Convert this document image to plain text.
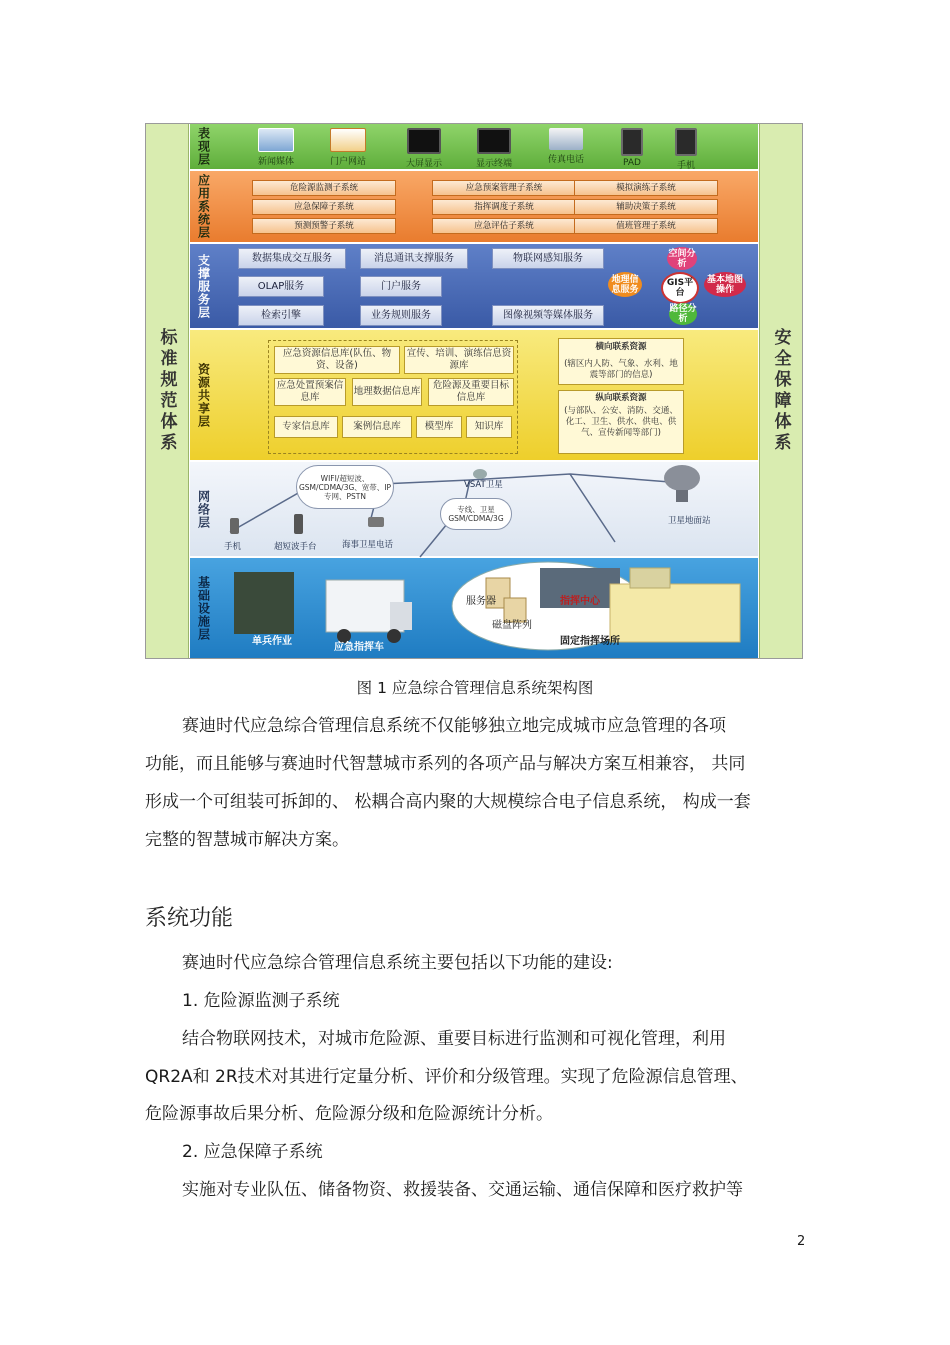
标准规范体系	安全保障体系
表现层	新闻媒体	门户网站	大屏显示	显示终端	传真电话	PAD	手机
应用系统层	危险源监测子系统	应急预案管理子系统	模拟演练子系统
应急保障子系统	指挥调度子系统	辅助决策子系统
预测预警子系统	应急评估子系统	值班管理子系统
支撑服务层	数据集成交互服务	消息通讯支撑服务	物联网感知服务
OLAP服务	门户服务
检索引擎	业务规则服务	图像视频等媒体服务
空间分析
地理信息服务
GIS平台
基本地图操作
路径分析
资源共享层
应急资源信息库(队伍、物资、设备)
宣传、培训、演练信息资源库
应急处置预案信息库
地理数据信息库
危险源及重要目标信息库
专家信息库	案例信息库	模型库	知识库
横向联系资源
(辖区内人防、气象、水利、地震等部门的信息)
纵向联系资源
(与部队、公安、消防、交通、化工、卫生、供水、供电、供气、宣传新闻等部门)
网络层
WIFI/超短波、GSM/CDMA/3G、宽带、IP专网、PSTN
专线、卫星GSM/CDMA/3G
VSAT卫星
卫星地面站
手机	超短波手台	海事卫星电话
基础设施层
单兵作业
应急指挥车
服务器	指挥中心
磁盘阵列
固定指挥场所
图 1 应急综合管理信息系统架构图
赛迪时代应急综合管理信息系统不仅能够独立地完成城市应急管理的各项
功能，而且能够与赛迪时代智慧城市系列的各项产品与解决方案互相兼容， 共同
形成一个可组装可拆卸的、 松耦合高内聚的大规模综合电子信息系统， 构成一套
完整的智慧城市解决方案。
系统功能
赛迪时代应急综合管理信息系统主要包括以下功能的建设:
1. 危险源监测子系统
结合物联网技术，对城市危险源、重要目标进行监测和可视化管理，利用
QR2A和 2R技术对其进行定量分析、评价和分级管理。实现了危险源信息管理、
危险源事故后果分析、危险源分级和危险源统计分析。
2. 应急保障子系统
实施对专业队伍、储备物资、救援装备、交通运输、通信保障和医疗救护等
2
